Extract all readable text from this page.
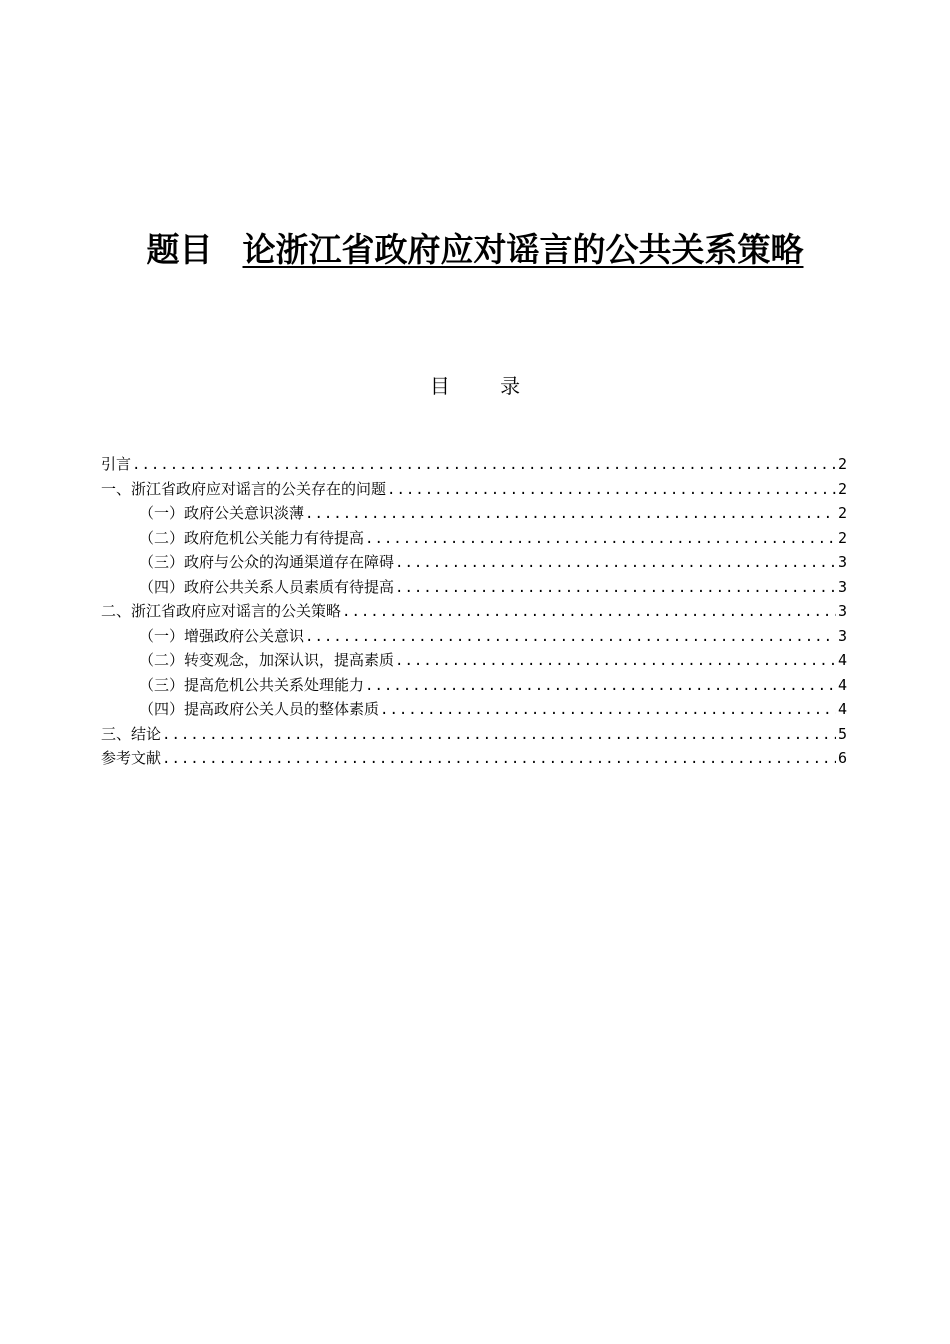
题目 论浙江省政府应对谣言的公共关系策略
目 录
引言 .....	2
一、浙江省政府应对谣言的公关存在的问题 .....	2
（一）政府公关意识淡薄 .....	2
（二）政府危机公关能力有待提高 .....	2
（三）政府与公众的沟通渠道存在障碍 .....	3
（四）政府公共关系人员素质有待提高 .....	3
二、浙江省政府应对谣言的公关策略 .....	3
（一）增强政府公关意识 .....	3
（二）转变观念，加深认识，提高素质 .....	4
（三）提高危机公共关系处理能力 .....	4
（四）提高政府公关人员的整体素质 .....	4
三、结论 .....	5
参考文献 .....	6
